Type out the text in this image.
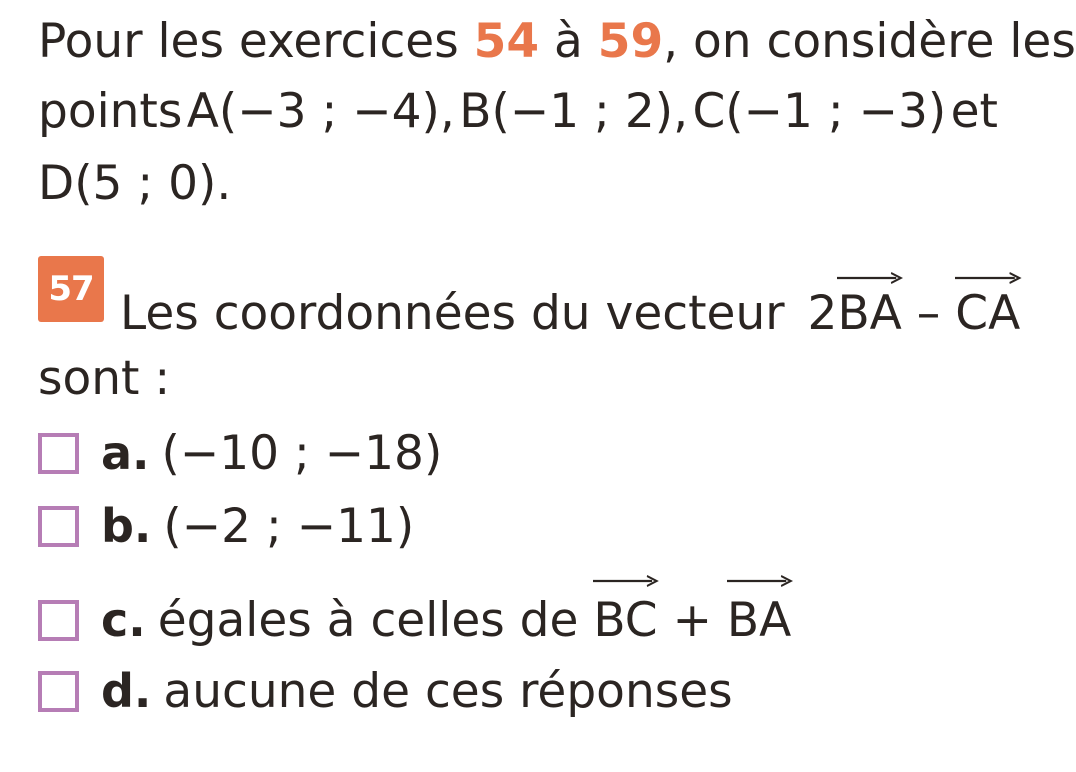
Pour les exercices 54 à 59, on considère les
points A(−3 ; −4), B(−1 ; 2), C(−1 ; −3) et
D(5 ; 0).
57 Les coordonnées du vecteur 2
BA – CA
sont :
a. (−10 ; −18)
b. (−2 ; −11)
c. égales à celles de BC + BA
d. aucune de ces réponses
